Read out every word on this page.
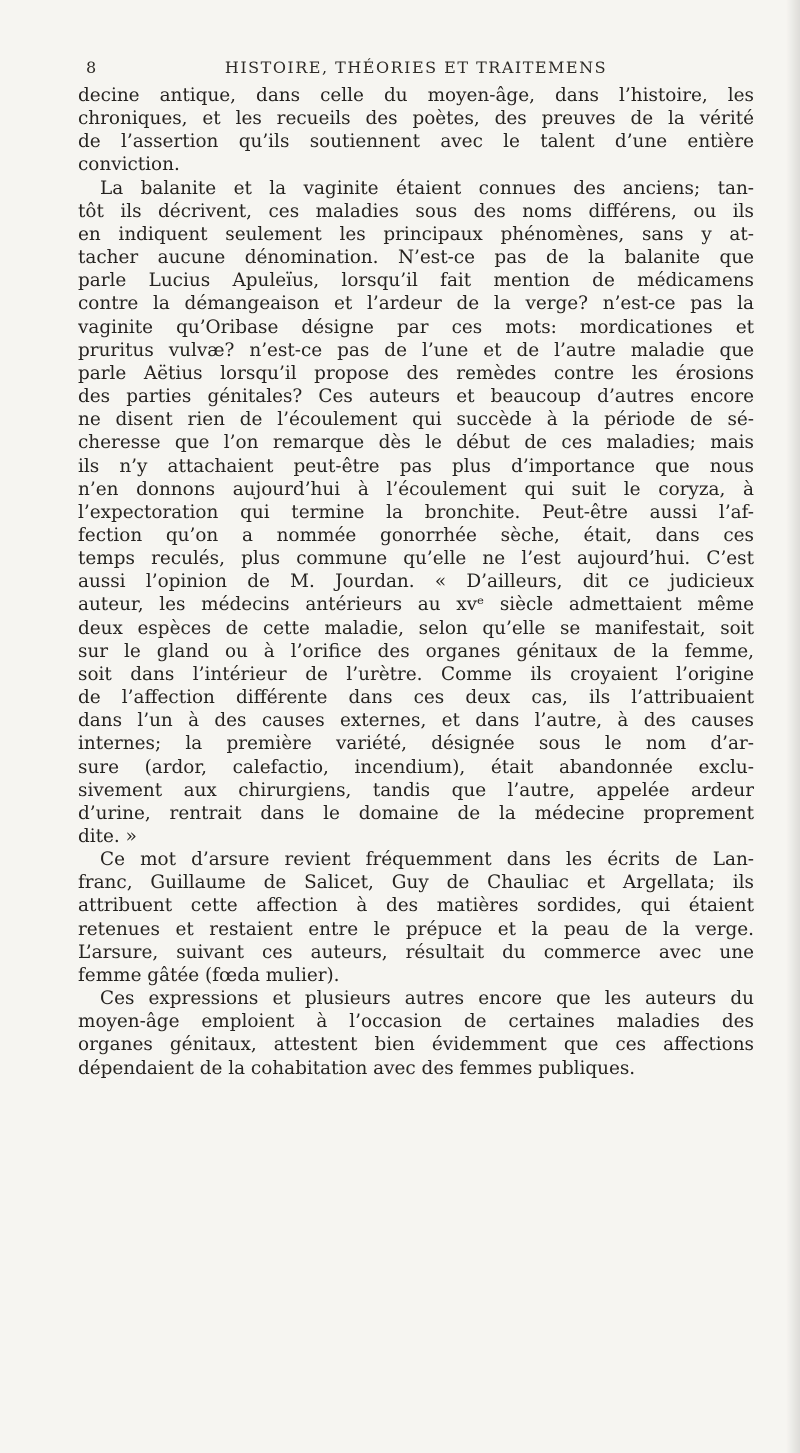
8	HISTOIRE, THÉORIES ET TRAITEMENS
decine antique, dans celle du moyen-âge, dans l’histoire, les
chroniques, et les recueils des poètes, des preuves de la vérité
de l’assertion qu’ils soutiennent avec le talent d’une entière
conviction.
La balanite et la vaginite étaient connues des anciens; tan-
tôt ils décrivent, ces maladies sous des noms différens, ou ils
en indiquent seulement les principaux phénomènes, sans y at-
tacher aucune dénomination. N’est-ce pas de la balanite que
parle Lucius Apuleïus, lorsqu’il fait mention de médicamens
contre la démangeaison et l’ardeur de la verge? n’est-ce pas la
vaginite qu’Oribase désigne par ces mots: mordicationes et
pruritus vulvæ? n’est-ce pas de l’une et de l’autre maladie que
parle Aëtius lorsqu’il propose des remèdes contre les érosions
des parties génitales? Ces auteurs et beaucoup d’autres encore
ne disent rien de l’écoulement qui succède à la période de sé-
cheresse que l’on remarque dès le début de ces maladies; mais
ils n’y attachaient peut-être pas plus d’importance que nous
n’en donnons aujourd’hui à l’écoulement qui suit le coryza, à
l’expectoration qui termine la bronchite. Peut-être aussi l’af-
fection qu’on a nommée gonorrhée sèche, était, dans ces
temps reculés, plus commune qu’elle ne l’est aujourd’hui. C’est
aussi l’opinion de M. Jourdan. « D’ailleurs, dit ce judicieux
auteur, les médecins antérieurs au xvᵉ siècle admettaient même
deux espèces de cette maladie, selon qu’elle se manifestait, soit
sur le gland ou à l’orifice des organes génitaux de la femme,
soit dans l’intérieur de l’urètre. Comme ils croyaient l’origine
de l’affection différente dans ces deux cas, ils l’attribuaient
dans l’un à des causes externes, et dans l’autre, à des causes
internes; la première variété, désignée sous le nom d’ar-
sure (ardor, calefactio, incendium), était abandonnée exclu-
sivement aux chirurgiens, tandis que l’autre, appelée ardeur
d’urine, rentrait dans le domaine de la médecine proprement
dite. »
Ce mot d’arsure revient fréquemment dans les écrits de Lan-
franc, Guillaume de Salicet, Guy de Chauliac et Argellata; ils
attribuent cette affection à des matières sordides, qui étaient
retenues et restaient entre le prépuce et la peau de la verge.
L’arsure, suivant ces auteurs, résultait du commerce avec une
femme gâtée (fœda mulier).
Ces expressions et plusieurs autres encore que les auteurs du
moyen-âge emploient à l’occasion de certaines maladies des
organes génitaux, attestent bien évidemment que ces affections
dépendaient de la cohabitation avec des femmes publiques.
